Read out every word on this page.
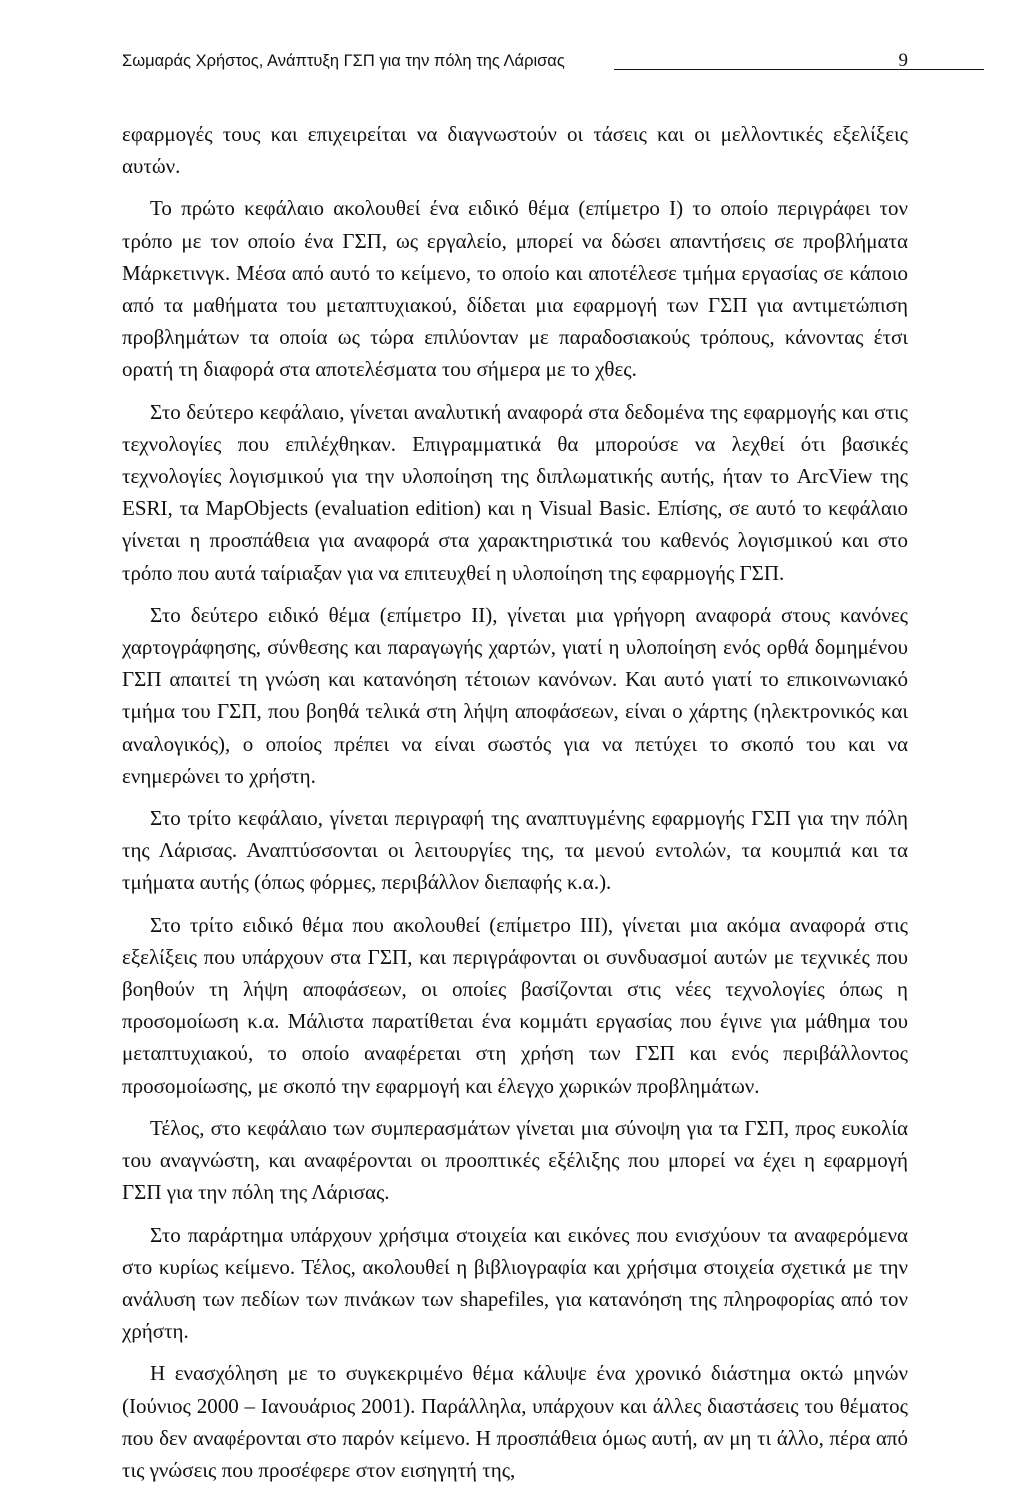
Σωμαράς Χρήστος, Ανάπτυξη ΓΣΠ για την πόλη της Λάρισας	9

εφαρμογές τους και επιχειρείται να διαγνωστούν οι τάσεις και οι μελλοντικές εξελίξεις αυτών.

Το πρώτο κεφάλαιο ακολουθεί ένα ειδικό θέμα (επίμετρο Ι) το οποίο περιγράφει τον τρόπο με τον οποίο ένα ΓΣΠ, ως εργαλείο, μπορεί να δώσει απαντήσεις σε προβλήματα Μάρκετινγκ. Μέσα από αυτό το κείμενο, το οποίο και αποτέλεσε τμήμα εργασίας σε κάποιο από τα μαθήματα του μεταπτυχιακού, δίδεται μια εφαρμογή των ΓΣΠ για αντιμετώπιση προβλημάτων τα οποία ως τώρα επιλύονταν με παραδοσιακούς τρόπους, κάνοντας έτσι ορατή τη διαφορά στα αποτελέσματα του σήμερα με το χθες.

Στο δεύτερο κεφάλαιο, γίνεται αναλυτική αναφορά στα δεδομένα της εφαρμογής και στις τεχνολογίες που επιλέχθηκαν. Επιγραμματικά θα μπορούσε να λεχθεί ότι βασικές τεχνολογίες λογισμικού για την υλοποίηση της διπλωματικής αυτής, ήταν το ArcView της ESRI, τα MapObjects (evaluation edition) και η Visual Basic. Επίσης, σε αυτό το κεφάλαιο γίνεται η προσπάθεια για αναφορά στα χαρακτηριστικά του καθενός λογισμικού και στο τρόπο που αυτά ταίριαξαν για να επιτευχθεί η υλοποίηση της εφαρμογής ΓΣΠ.

Στο δεύτερο ειδικό θέμα (επίμετρο ΙΙ), γίνεται μια γρήγορη αναφορά στους κανόνες χαρτογράφησης, σύνθεσης και παραγωγής χαρτών, γιατί η υλοποίηση ενός ορθά δομημένου ΓΣΠ απαιτεί τη γνώση και κατανόηση τέτοιων κανόνων. Και αυτό γιατί το επικοινωνιακό τμήμα του ΓΣΠ, που βοηθά τελικά στη λήψη αποφάσεων, είναι ο χάρτης (ηλεκτρονικός και αναλογικός), ο οποίος πρέπει να είναι σωστός για να πετύχει το σκοπό του και να ενημερώνει το χρήστη.

Στο τρίτο κεφάλαιο, γίνεται περιγραφή της αναπτυγμένης εφαρμογής ΓΣΠ για την πόλη της Λάρισας. Αναπτύσσονται οι λειτουργίες της, τα μενού εντολών, τα κουμπιά και τα τμήματα αυτής (όπως φόρμες, περιβάλλον διεπαφής κ.α.).

Στο τρίτο ειδικό θέμα που ακολουθεί (επίμετρο ΙΙΙ), γίνεται μια ακόμα αναφορά στις εξελίξεις που υπάρχουν στα ΓΣΠ, και περιγράφονται οι συνδυασμοί αυτών με τεχνικές που βοηθούν τη λήψη αποφάσεων, οι οποίες βασίζονται στις νέες τεχνολογίες όπως η προσομοίωση κ.α. Μάλιστα παρατίθεται ένα κομμάτι εργασίας που έγινε για μάθημα του μεταπτυχιακού, το οποίο αναφέρεται στη χρήση των ΓΣΠ και ενός περιβάλλοντος προσομοίωσης, με σκοπό την εφαρμογή και έλεγχο χωρικών προβλημάτων.

Τέλος, στο κεφάλαιο των συμπερασμάτων γίνεται μια σύνοψη για τα ΓΣΠ, προς ευκολία του αναγνώστη, και αναφέρονται οι προοπτικές εξέλιξης που μπορεί να έχει η εφαρμογή ΓΣΠ για την πόλη της Λάρισας.

Στο παράρτημα υπάρχουν χρήσιμα στοιχεία και εικόνες που ενισχύουν τα αναφερόμενα στο κυρίως κείμενο. Τέλος, ακολουθεί η βιβλιογραφία και χρήσιμα στοιχεία σχετικά με την ανάλυση των πεδίων των πινάκων των shapefiles, για κατανόηση της πληροφορίας από τον χρήστη.

Η ενασχόληση με το συγκεκριμένο θέμα κάλυψε ένα χρονικό διάστημα οκτώ μηνών (Ιούνιος 2000 – Ιανουάριος 2001). Παράλληλα, υπάρχουν και άλλες διαστάσεις του θέματος που δεν αναφέρονται στο παρόν κείμενο. Η προσπάθεια όμως αυτή, αν μη τι άλλο, πέρα από τις γνώσεις που προσέφερε στον εισηγητή της,
